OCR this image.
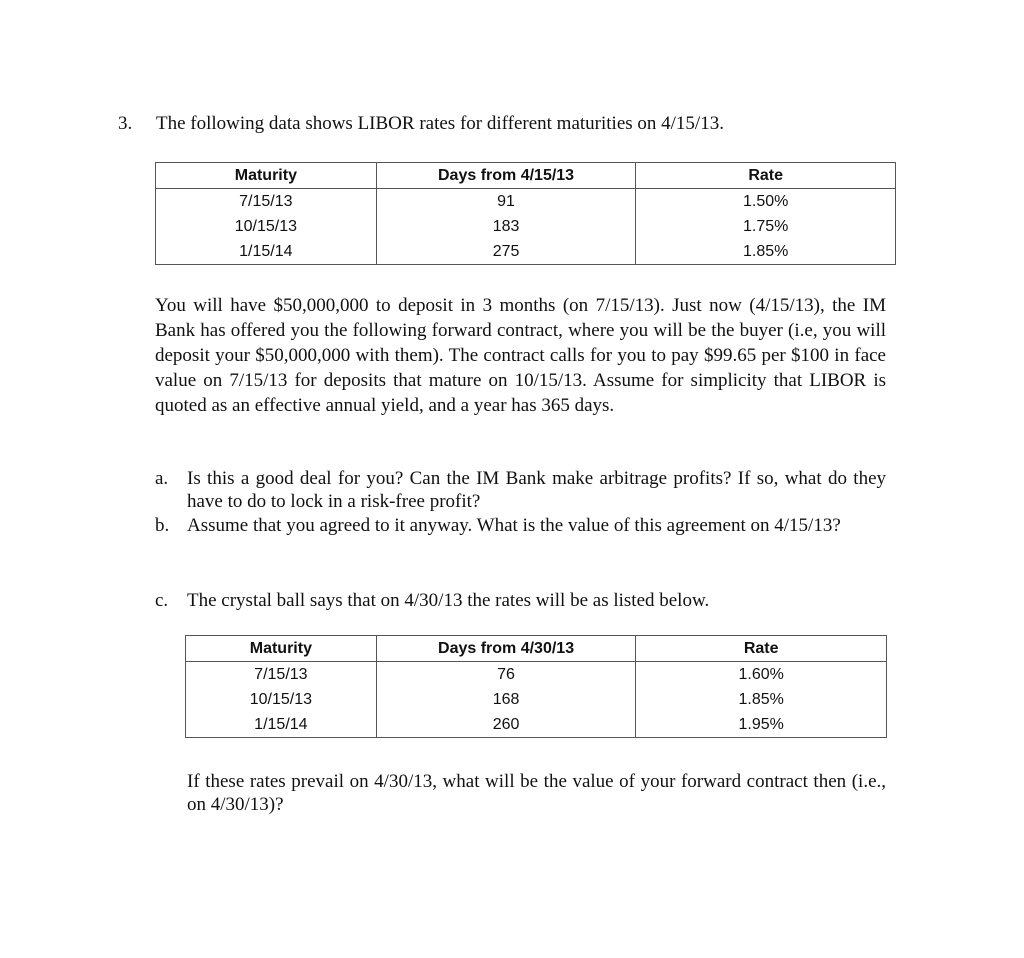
3. The following data shows LIBOR rates for different maturities on 4/15/13.
Maturity	Days from 4/15/13	Rate
7/15/13	91	1.50%
10/15/13	183	1.75%
1/15/14	275	1.85%
You will have $50,000,000 to deposit in 3 months (on 7/15/13). Just now (4/15/13), the IM Bank has offered you the following forward contract, where you will be the buyer (i.e, you will deposit your $50,000,000 with them). The contract calls for you to pay $99.65 per $100 in face value on 7/15/13 for deposits that mature on 10/15/13. Assume for simplicity that LIBOR is quoted as an effective annual yield, and a year has 365 days.
a. Is this a good deal for you? Can the IM Bank make arbitrage profits? If so, what do they have to do to lock in a risk-free profit?
b. Assume that you agreed to it anyway. What is the value of this agreement on 4/15/13?
c. The crystal ball says that on 4/30/13 the rates will be as listed below.
Maturity	Days from 4/30/13	Rate
7/15/13	76	1.60%
10/15/13	168	1.85%
1/15/14	260	1.95%
If these rates prevail on 4/30/13, what will be the value of your forward contract then (i.e., on 4/30/13)?
